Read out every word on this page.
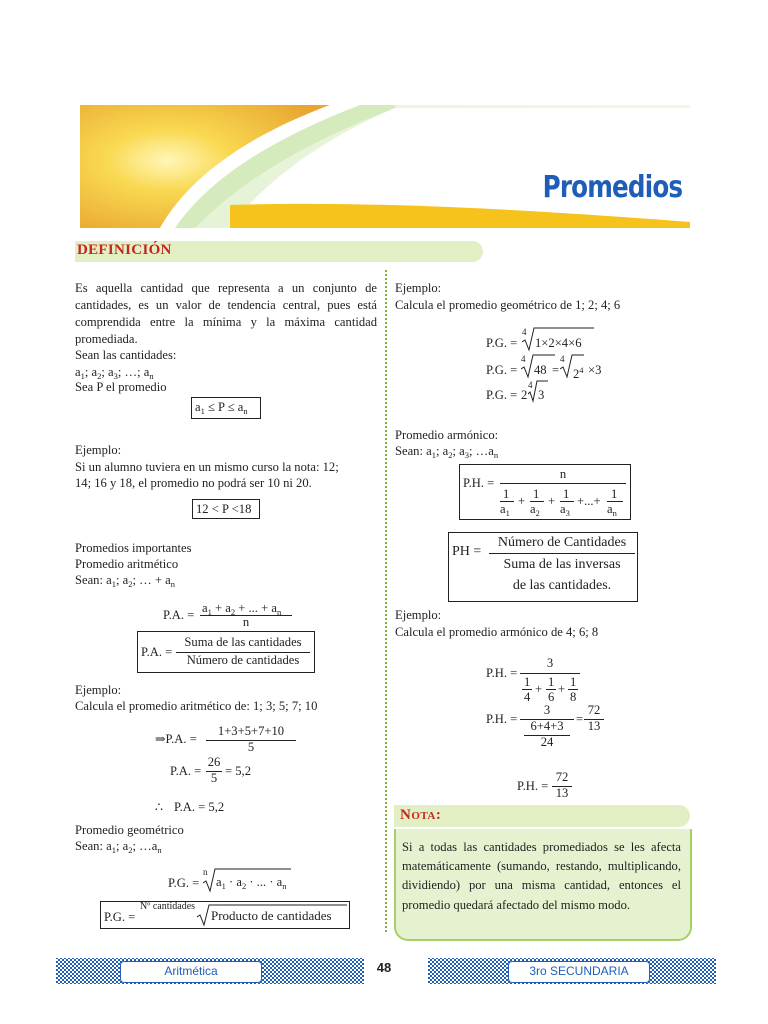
Promedios
DEFINICIÓN
Es aquella cantidad que representa a un conjunto de
cantidades, es un valor de tendencia central, pues está
comprendida entre la mínima y la máxima cantidad
promediada.
Sean las cantidades:
$a_1$; $a_2$; $a_3$; …; $a_n$
Sea P el promedio
$a_1 \le P \le a_n$
Ejemplo:
Si un alumno tuviera en un mismo curso la nota: 12;
14; 16 y 18, el promedio no podrá ser 10 ni 20.
12 < P <18
Promedios importantes
Promedio aritmético
Sean: $a_1$; $a_2$; … + $a_n$
P.A. = $a_1 + a_2$ + ... + $a_n$
n
P.A. =
Suma de las cantidades
Número de cantidades
Ejemplo:
Calcula el promedio aritmético de: 1; 3; 5; 7; 10
⇒P.A. =
1+3+5+7+10
5
P.A. =
26
5 = 5,2
∴ P.A. = 5,2
Promedio geométrico
Sean: $a_1$; $a_2$; $\dots a_n$
P.G. =
n
$a_1 \cdot a_2$ · ... · $a_n$
P.G. =
Nº cantidades
Producto de cantidades
Ejemplo:
Calcula el promedio geométrico de 1; 2; 4; 6
P.G. =
4
1×2×4×6
P.G. =
4
48 =
4
$2^4 \times 3$
P.G. = 2
4
3
Promedio armónico:
Sean: $a_1$; $a_2$; $a_3$; $\dots a_n$
P.H. =
n
1
$a_1$
+ 1
$a_2$
+ 1
$a_3$
+...+ 1
$a_n$
PH =
Número de Cantidades
Suma de las inversas
de las cantidades.
Ejemplo:
Calcula el promedio armónico de 4; 6; 8
P.H. =
3
1
4
+ 1
6
+ 1
8
P.H. =
3
6+4+3
24
=
72
13
P.H. =
72
13
Nota:
Si a todas las cantidades promediados se les afecta matemáticamente (sumando, restando, multiplicando, dividiendo) por una misma cantidad, entonces el promedio quedará afectado del mismo modo.
Aritmética	48	3ro SECUNDARIA
